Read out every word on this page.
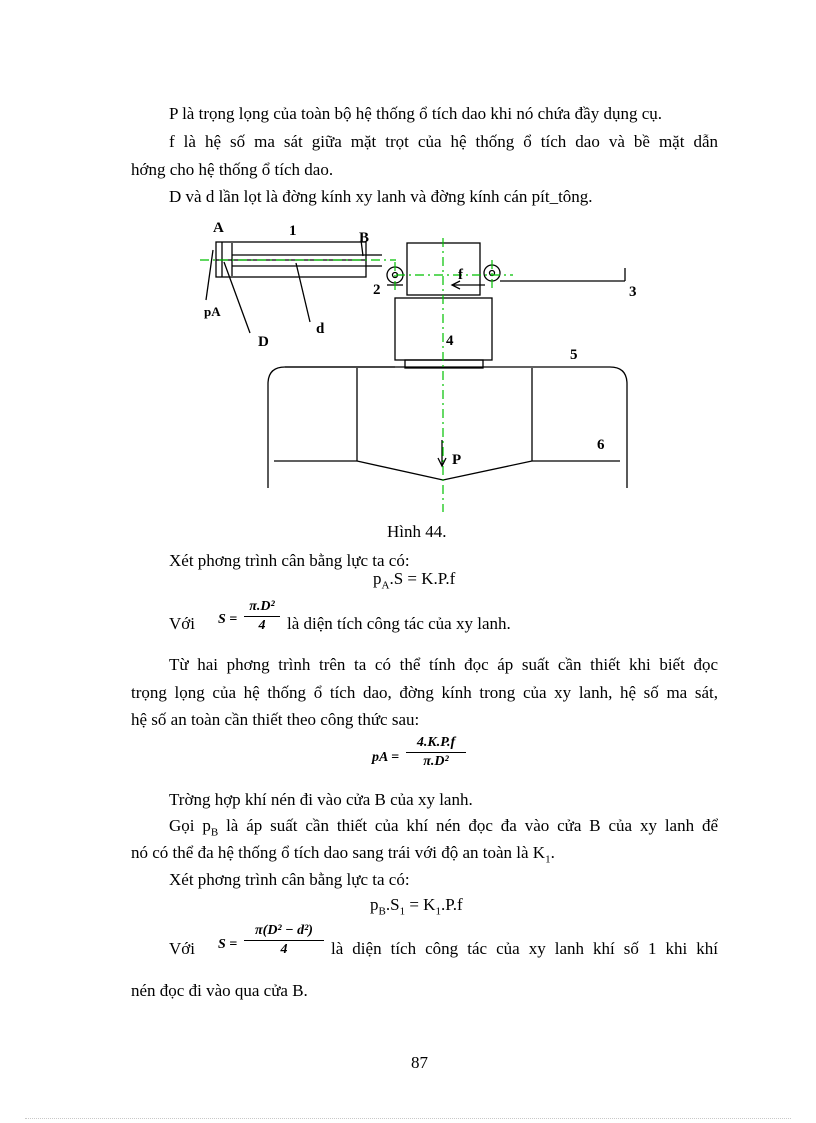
P là trọng lọng của toàn bộ hệ thống ổ tích dao khi nó chứa đầy dụng cụ.
f là hệ số ma sát giữa mặt trọt của hệ thống ổ tích dao và bề mặt dẫn
hớng cho hệ thống ổ tích dao.
D và d lần lọt là đờng kính xy lanh và đờng kính cán pít_tông.
A	1	B
f
2	3
pA
D
d
4
5
6
P
Hình 44.
Xét phơng trình cân bằng lực ta có:
$p_A.S = K.P.f$
Với $S = \frac{\text{π.D²}}{4}$ là diện tích công tác của xy lanh.
Từ hai phơng trình trên ta có thể tính đọc áp suất cần thiết khi biết đọc
trọng lọng của hệ thống ổ tích dao, đờng kính trong của xy lanh, hệ số ma sát,
hệ số an toàn cần thiết theo công thức sau:
pA = $\frac{4.K.P.f}{\text{π.D²}}$
Trờng hợp khí nén đi vào cửa B của xy lanh.
Gọi $p_B$ là áp suất cần thiết của khí nén đọc đa vào cửa B của xy lanh để
nó có thể đa hệ thống ổ tích dao sang trái với độ an toàn là $K_1$.
Xét phơng trình cân bằng lực ta có:
$p_B.S_1 = K_1.P.f$
Với $S = \frac{\text{π(D² − d²)}}{4}$ là diện tích công tác của xy lanh khí số 1 khi khí
nén đọc đi vào qua cửa B.
87
